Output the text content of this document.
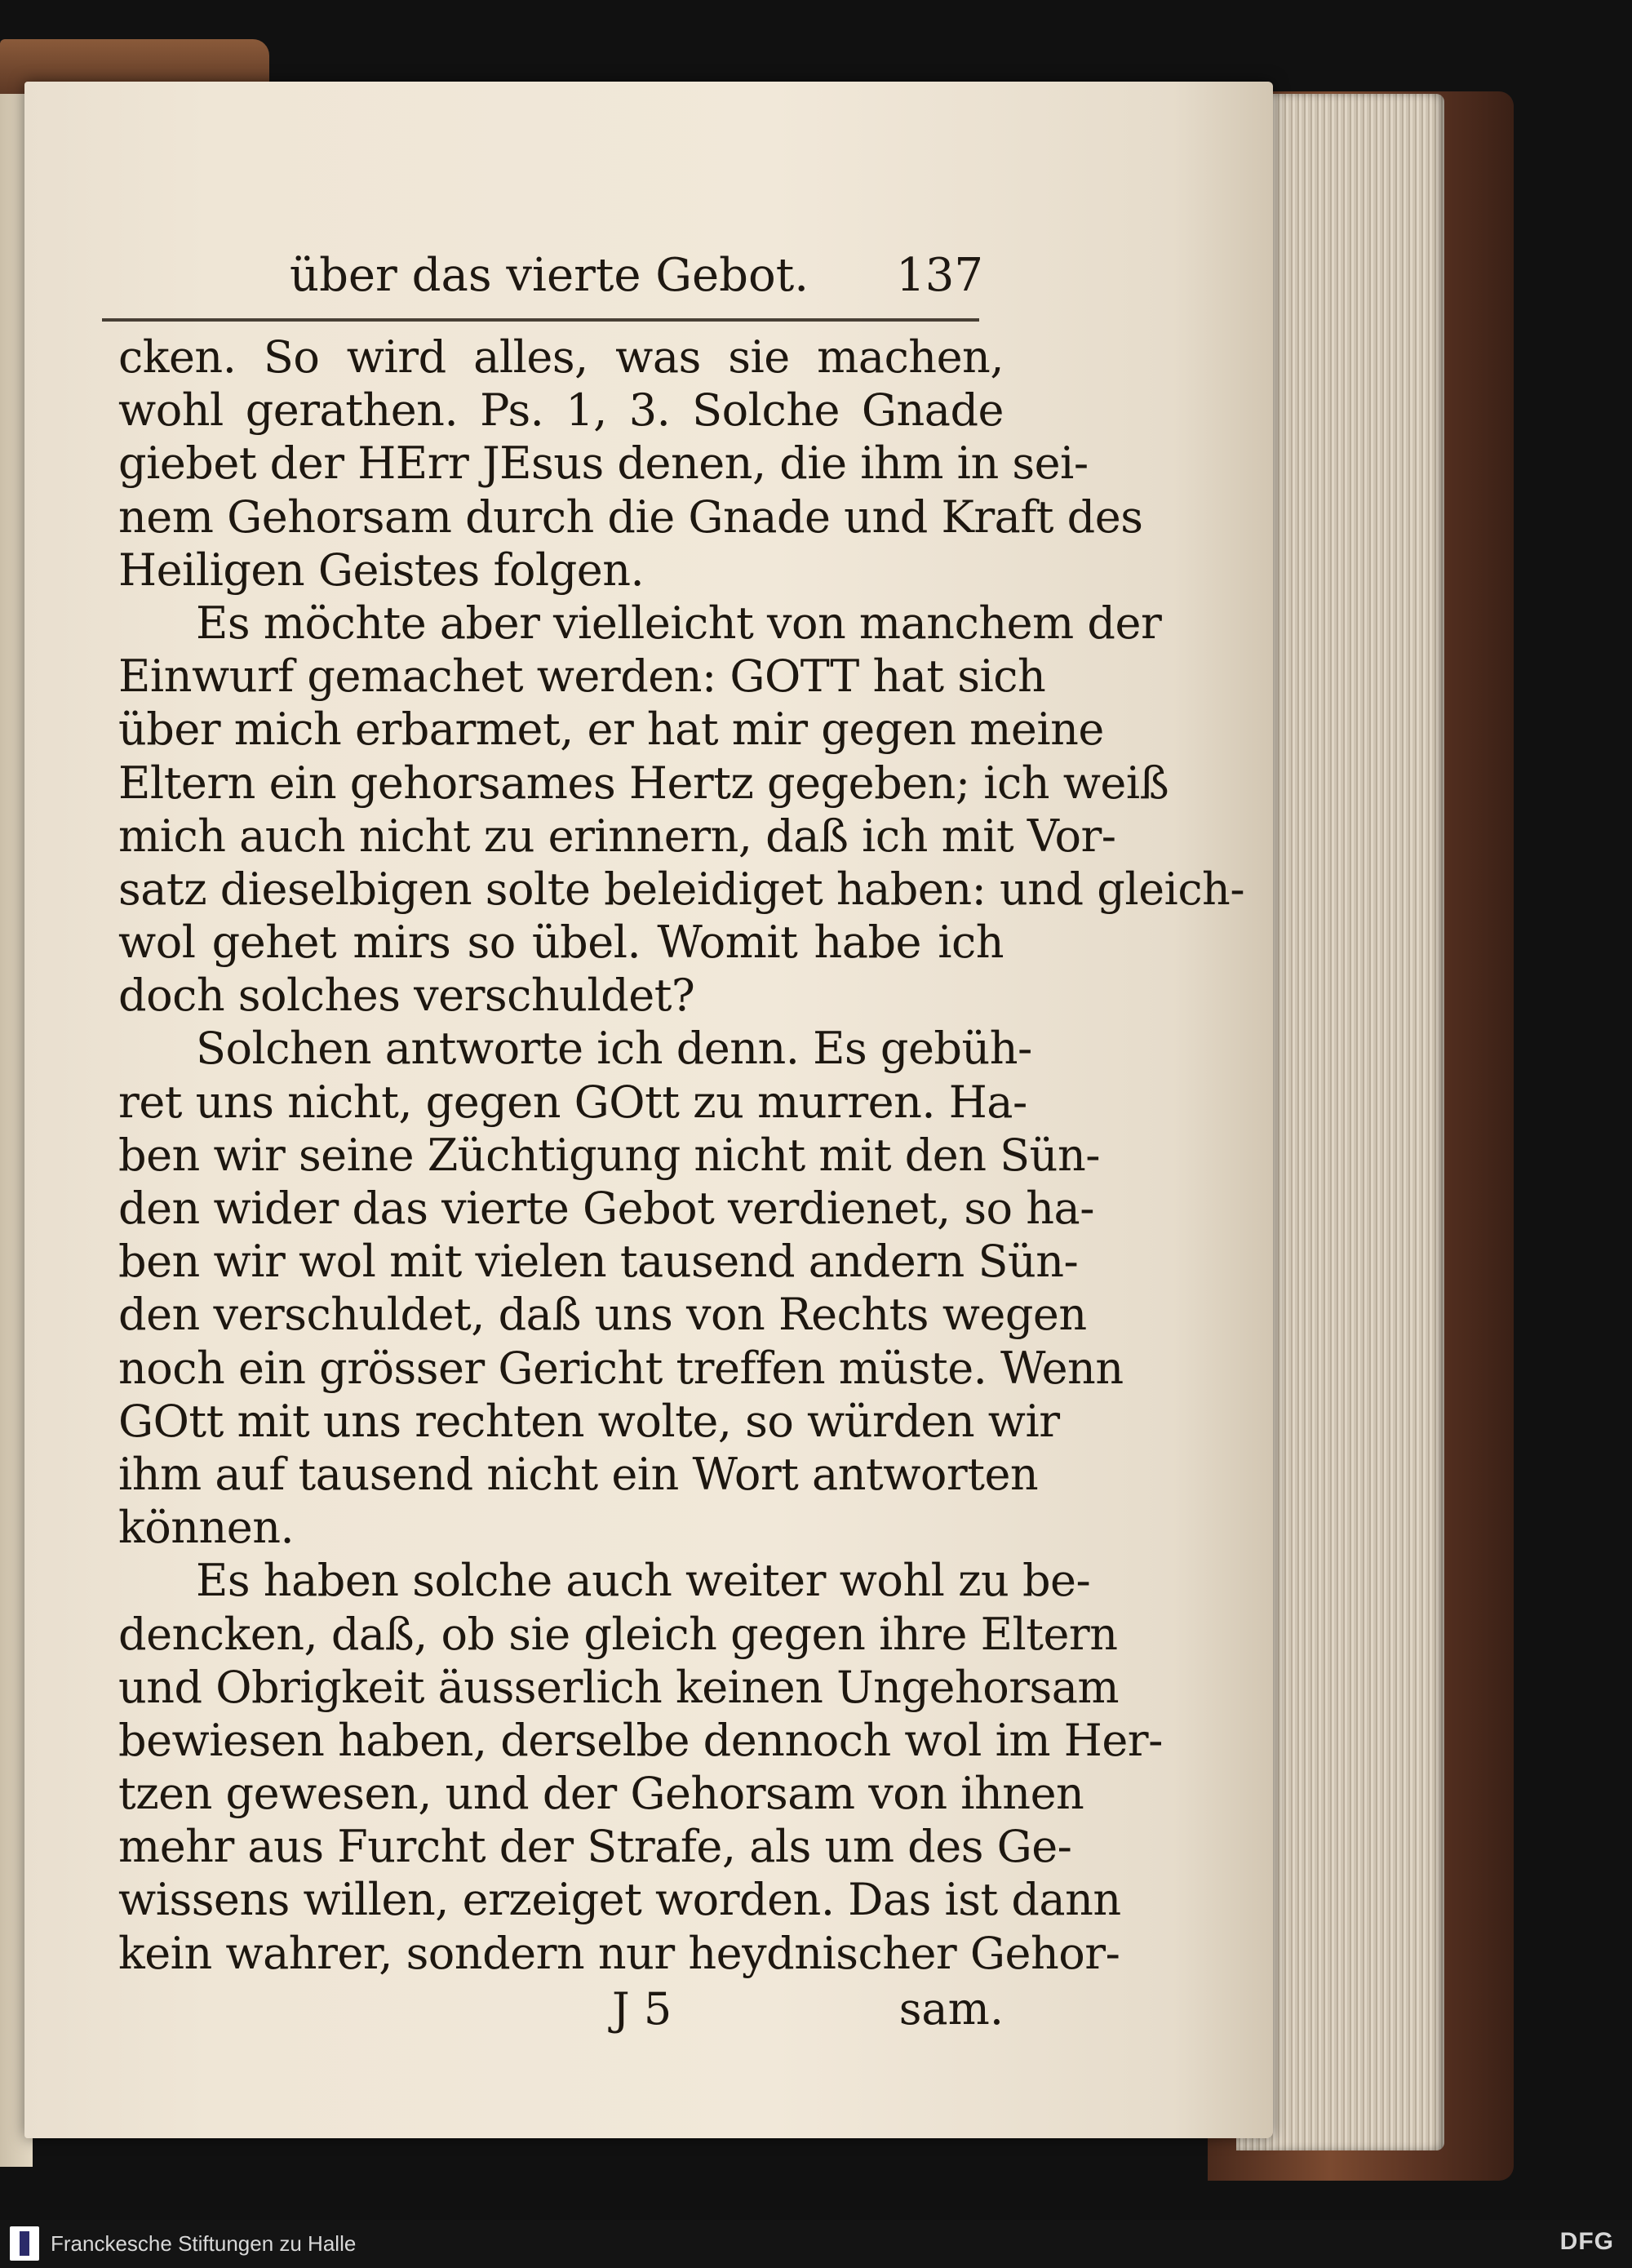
über das vierte Gebot. 137
cken. So wird alles, was sie machen,
wohl gerathen. Ps. 1, 3. Solche Gnade
giebet der HErr JEsus denen, die ihm in sei-
nem Gehorsam durch die Gnade und Kraft des
Heiligen Geistes folgen.
Es möchte aber vielleicht von manchem der
Einwurf gemachet werden: GOTT hat sich
über mich erbarmet, er hat mir gegen meine
Eltern ein gehorsames Hertz gegeben; ich weiß
mich auch nicht zu erinnern, daß ich mit Vor-
satz dieselbigen solte beleidiget haben: und gleich-
wol gehet mirs so übel. Womit habe ich
doch solches verschuldet?
Solchen antworte ich denn. Es gebüh-
ret uns nicht, gegen GOtt zu murren. Ha-
ben wir seine Züchtigung nicht mit den Sün-
den wider das vierte Gebot verdienet, so ha-
ben wir wol mit vielen tausend andern Sün-
den verschuldet, daß uns von Rechts wegen
noch ein grösser Gericht treffen müste. Wenn
GOtt mit uns rechten wolte, so würden wir
ihm auf tausend nicht ein Wort antworten
können.
Es haben solche auch weiter wohl zu be-
dencken, daß, ob sie gleich gegen ihre Eltern
und Obrigkeit äusserlich keinen Ungehorsam
bewiesen haben, derselbe dennoch wol im Her-
tzen gewesen, und der Gehorsam von ihnen
mehr aus Furcht der Strafe, als um des Ge-
wissens willen, erzeiget worden. Das ist dann
kein wahrer, sondern nur heydnischer Gehor-
J 5	sam.
Franckesche Stiftungen zu Halle	DFG
